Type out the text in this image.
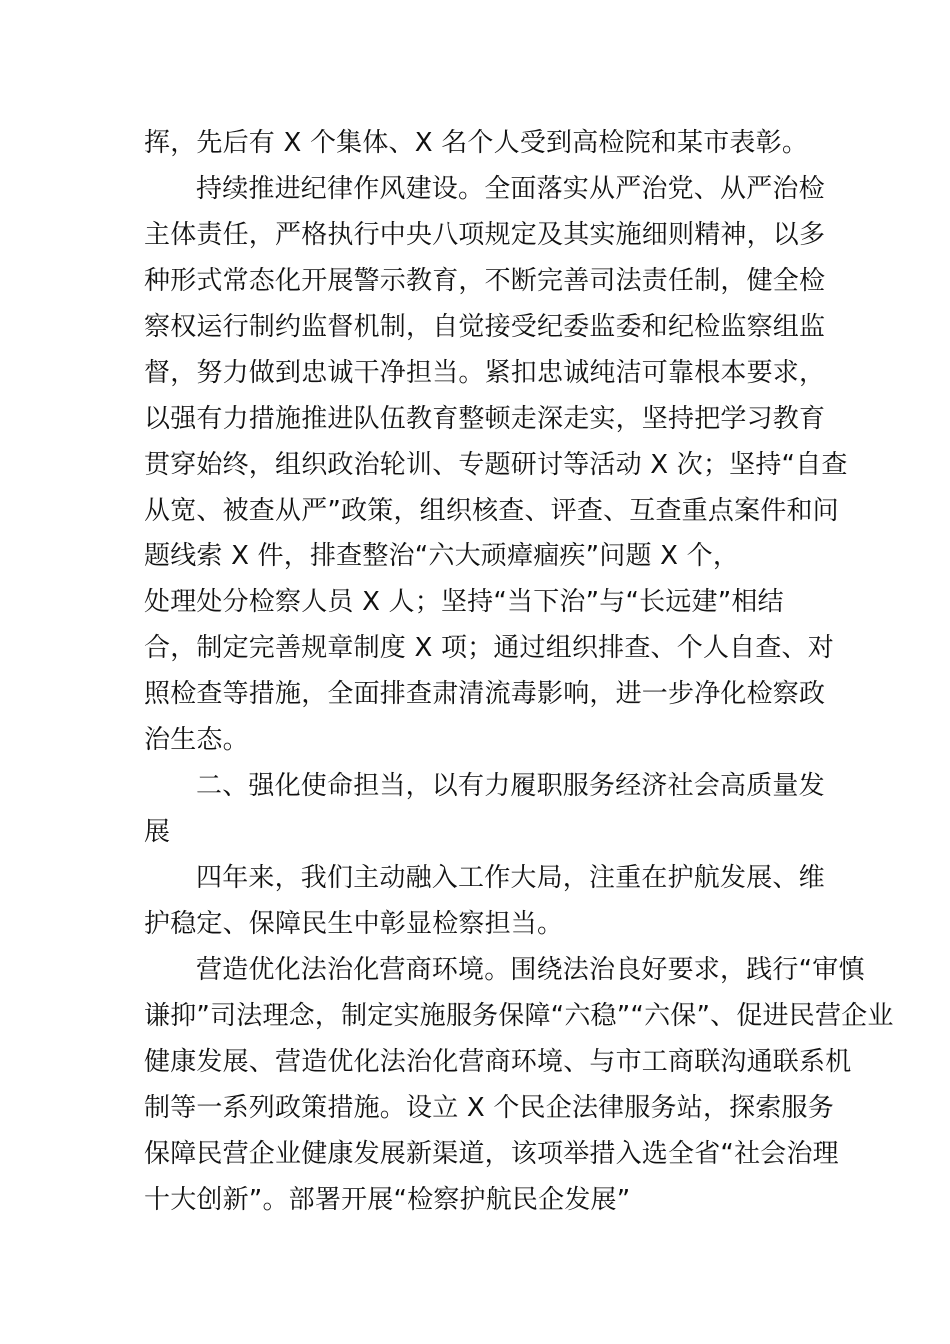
挥，先后有 X 个集体、X 名个人受到高检院和某市表彰。

持续推进纪律作风建设。全面落实从严治党、从严治检

主体责任，严格执行中央八项规定及其实施细则精神，以多

种形式常态化开展警示教育，不断完善司法责任制，健全检

察权运行制约监督机制，自觉接受纪委监委和纪检监察组监

督，努力做到忠诚干净担当。紧扣忠诚纯洁可靠根本要求，

以强有力措施推进队伍教育整顿走深走实，坚持把学习教育

贯穿始终，组织政治轮训、专题研讨等活动 X 次；坚持“自查

从宽、被查从严”政策，组织核查、评查、互查重点案件和问

题线索 X 件，排查整治“六大顽瘴痼疾”问题 X 个，

处理处分检察人员 X 人；坚持“当下治”与“长远建”相结

合，制定完善规章制度 X 项；通过组织排查、个人自查、对

照检查等措施，全面排查肃清流毒影响，进一步净化检察政

治生态。

二、强化使命担当，以有力履职服务经济社会高质量发

展

四年来，我们主动融入工作大局，注重在护航发展、维

护稳定、保障民生中彰显检察担当。

营造优化法治化营商环境。围绕法治良好要求，践行“审慎

谦抑”司法理念，制定实施服务保障“六稳”“六保”、促进民营企业

健康发展、营造优化法治化营商环境、与市工商联沟通联系机

制等一系列政策措施。设立 X 个民企法律服务站，探索服务

保障民营企业健康发展新渠道，该项举措入选全省“社会治理

十大创新”。部署开展“检察护航民企发展”
